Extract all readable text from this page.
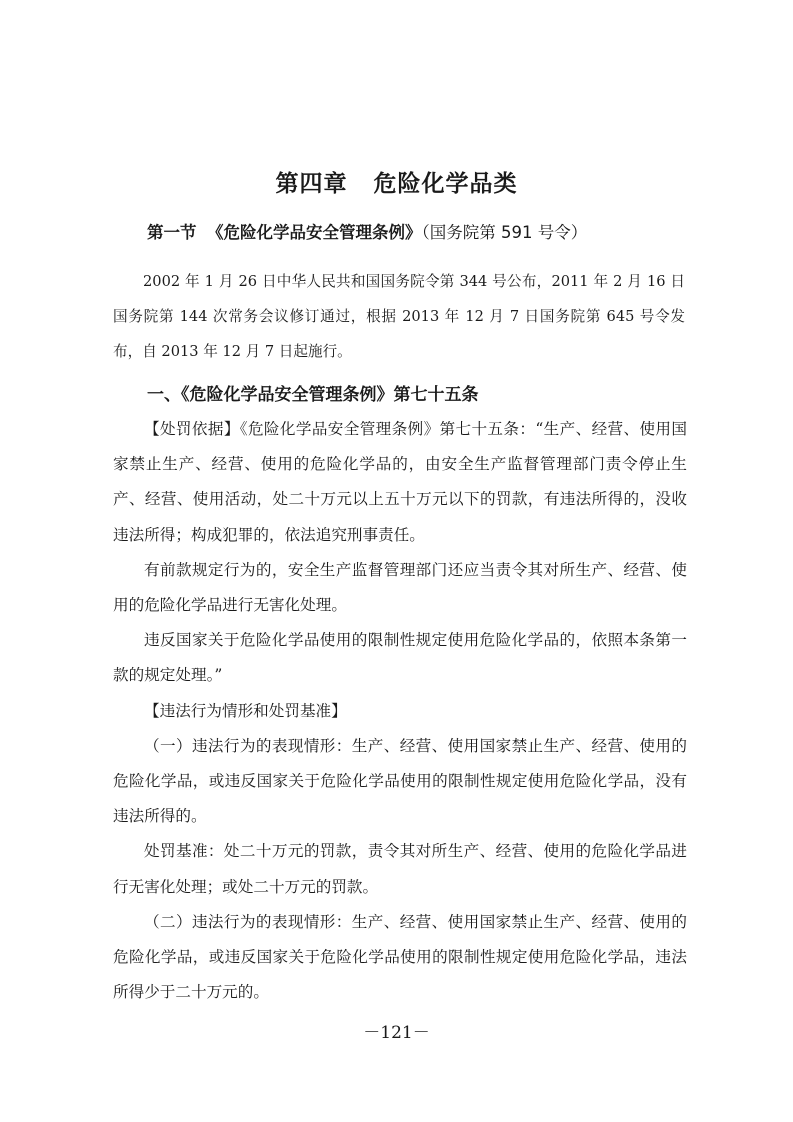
第四章 危险化学品类
第一节 《危险化学品安全管理条例》（国务院第 591 号令）
2002 年 1 月 26 日中华人民共和国国务院令第 344 号公布，2011 年 2 月 16 日国务院第 144 次常务会议修订通过，根据 2013 年 12 月 7 日国务院第 645 号令发布，自 2013 年 12 月 7 日起施行。
一、《危险化学品安全管理条例》第七十五条

【处罚依据】《危险化学品安全管理条例》第七十五条：“生产、经营、使用国家禁止生产、经营、使用的危险化学品的，由安全生产监督管理部门责令停止生产、经营、使用活动，处二十万元以上五十万元以下的罚款，有违法所得的，没收违法所得；构成犯罪的，依法追究刑事责任。

有前款规定行为的，安全生产监督管理部门还应当责令其对所生产、经营、使用的危险化学品进行无害化处理。

违反国家关于危险化学品使用的限制性规定使用危险化学品的，依照本条第一款的规定处理。”

【违法行为情形和处罚基准】

（一）违法行为的表现情形：生产、经营、使用国家禁止生产、经营、使用的危险化学品，或违反国家关于危险化学品使用的限制性规定使用危险化学品，没有违法所得的。

处罚基准：处二十万元的罚款，责令其对所生产、经营、使用的危险化学品进行无害化处理；或处二十万元的罚款。

（二）违法行为的表现情形：生产、经营、使用国家禁止生产、经营、使用的危险化学品，或违反国家关于危险化学品使用的限制性规定使用危险化学品，违法所得少于二十万元的。

－121－
